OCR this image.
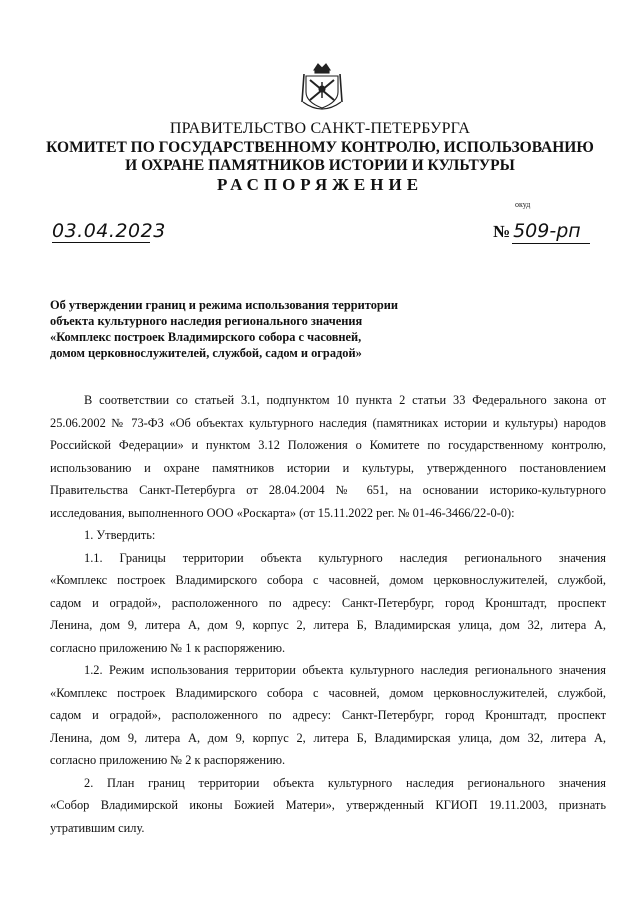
ПРАВИТЕЛЬСТВО САНКТ-ПЕТЕРБУРГА
КОМИТЕТ ПО ГОСУДАРСТВЕННОМУ КОНТРОЛЮ, ИСПОЛЬЗОВАНИЮ
И ОХРАНЕ ПАМЯТНИКОВ ИСТОРИИ И КУЛЬТУРЫ
РАСПОРЯЖЕНИЕ
окуд
03.04.2023	№ 509-рп
Об утверждении границ и режима использования территории
объекта культурного наследия регионального значения
«Комплекс построек Владимирского собора с часовней,
домом церковнослужителей, службой, садом и оградой»
В соответствии со статьей 3.1, подпунктом 10 пункта 2 статьи 33 Федерального закона от
25.06.2002 № 73-ФЗ «Об объектах культурного наследия (памятниках истории и культуры) народов
Российской Федерации» и пунктом 3.12 Положения о Комитете по государственному контролю,
использованию и охране памятников истории и культуры, утвержденного постановлением
Правительства Санкт-Петербурга от 28.04.2004 № 651, на основании историко-культурного
исследования, выполненного ООО «Роскарта» (от 15.11.2022 рег. № 01-46-3466/22-0-0):
1. Утвердить:
1.1. Границы территории объекта культурного наследия регионального значения
«Комплекс построек Владимирского собора с часовней, домом церковнослужителей, службой,
садом и оградой», расположенного по адресу: Санкт-Петербург, город Кронштадт, проспект
Ленина, дом 9, литера А, дом 9, корпус 2, литера Б, Владимирская улица, дом 32, литера А,
согласно приложению № 1 к распоряжению.
1.2. Режим использования территории объекта культурного наследия регионального значения
«Комплекс построек Владимирского собора с часовней, домом церковнослужителей, службой,
садом и оградой», расположенного по адресу: Санкт-Петербург, город Кронштадт, проспект
Ленина, дом 9, литера А, дом 9, корпус 2, литера Б, Владимирская улица, дом 32, литера А,
согласно приложению № 2 к распоряжению.
2. План границ территории объекта культурного наследия регионального значения
«Собор Владимирской иконы Божией Матери», утвержденный КГИОП 19.11.2003, признать
утратившим силу.
